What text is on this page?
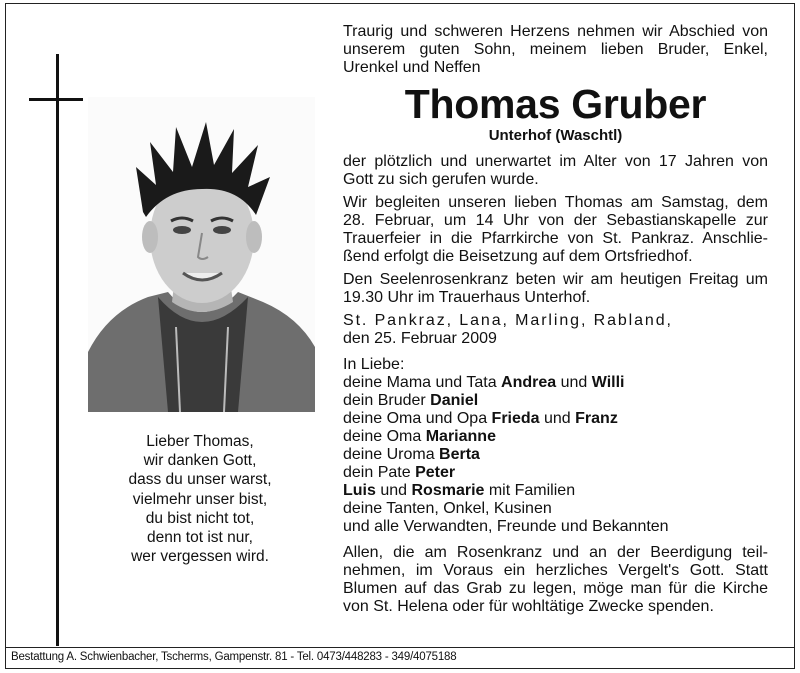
Lieber Thomas,
wir danken Gott,
dass du unser warst,
vielmehr unser bist,
du bist nicht tot,
denn tot ist nur,
wer vergessen wird.
Traurig und schweren Herzens nehmen wir Abschied von
unserem guten Sohn, meinem lieben Bruder, Enkel,
Urenkel und Neffen
Thomas Gruber
Unterhof (Waschtl)
der plötzlich und unerwartet im Alter von 17 Jahren von
Gott zu sich gerufen wurde.
Wir begleiten unseren lieben Thomas am Samstag, dem
28. Februar, um 14 Uhr von der Sebastianskapelle zur
Trauerfeier in die Pfarrkirche von St. Pankraz. Anschlie-
ßend erfolgt die Beisetzung auf dem Ortsfriedhof.
Den Seelenrosenkranz beten wir am heutigen Freitag um
19.30 Uhr im Trauerhaus Unterhof.
St. Pankraz, Lana, Marling, Rabland,
den 25. Februar 2009
In Liebe:
deine Mama und Tata Andrea und Willi
dein Bruder Daniel
deine Oma und Opa Frieda und Franz
deine Oma Marianne
deine Uroma Berta
dein Pate Peter
Luis und Rosmarie mit Familien
deine Tanten, Onkel, Kusinen
und alle Verwandten, Freunde und Bekannten
Allen, die am Rosenkranz und an der Beerdigung teil-
nehmen, im Voraus ein herzliches Vergelt's Gott. Statt
Blumen auf das Grab zu legen, möge man für die Kirche
von St. Helena oder für wohltätige Zwecke spenden.
Bestattung A. Schwienbacher, Tscherms, Gampenstr. 81 - Tel. 0473/448283 - 349/4075188
